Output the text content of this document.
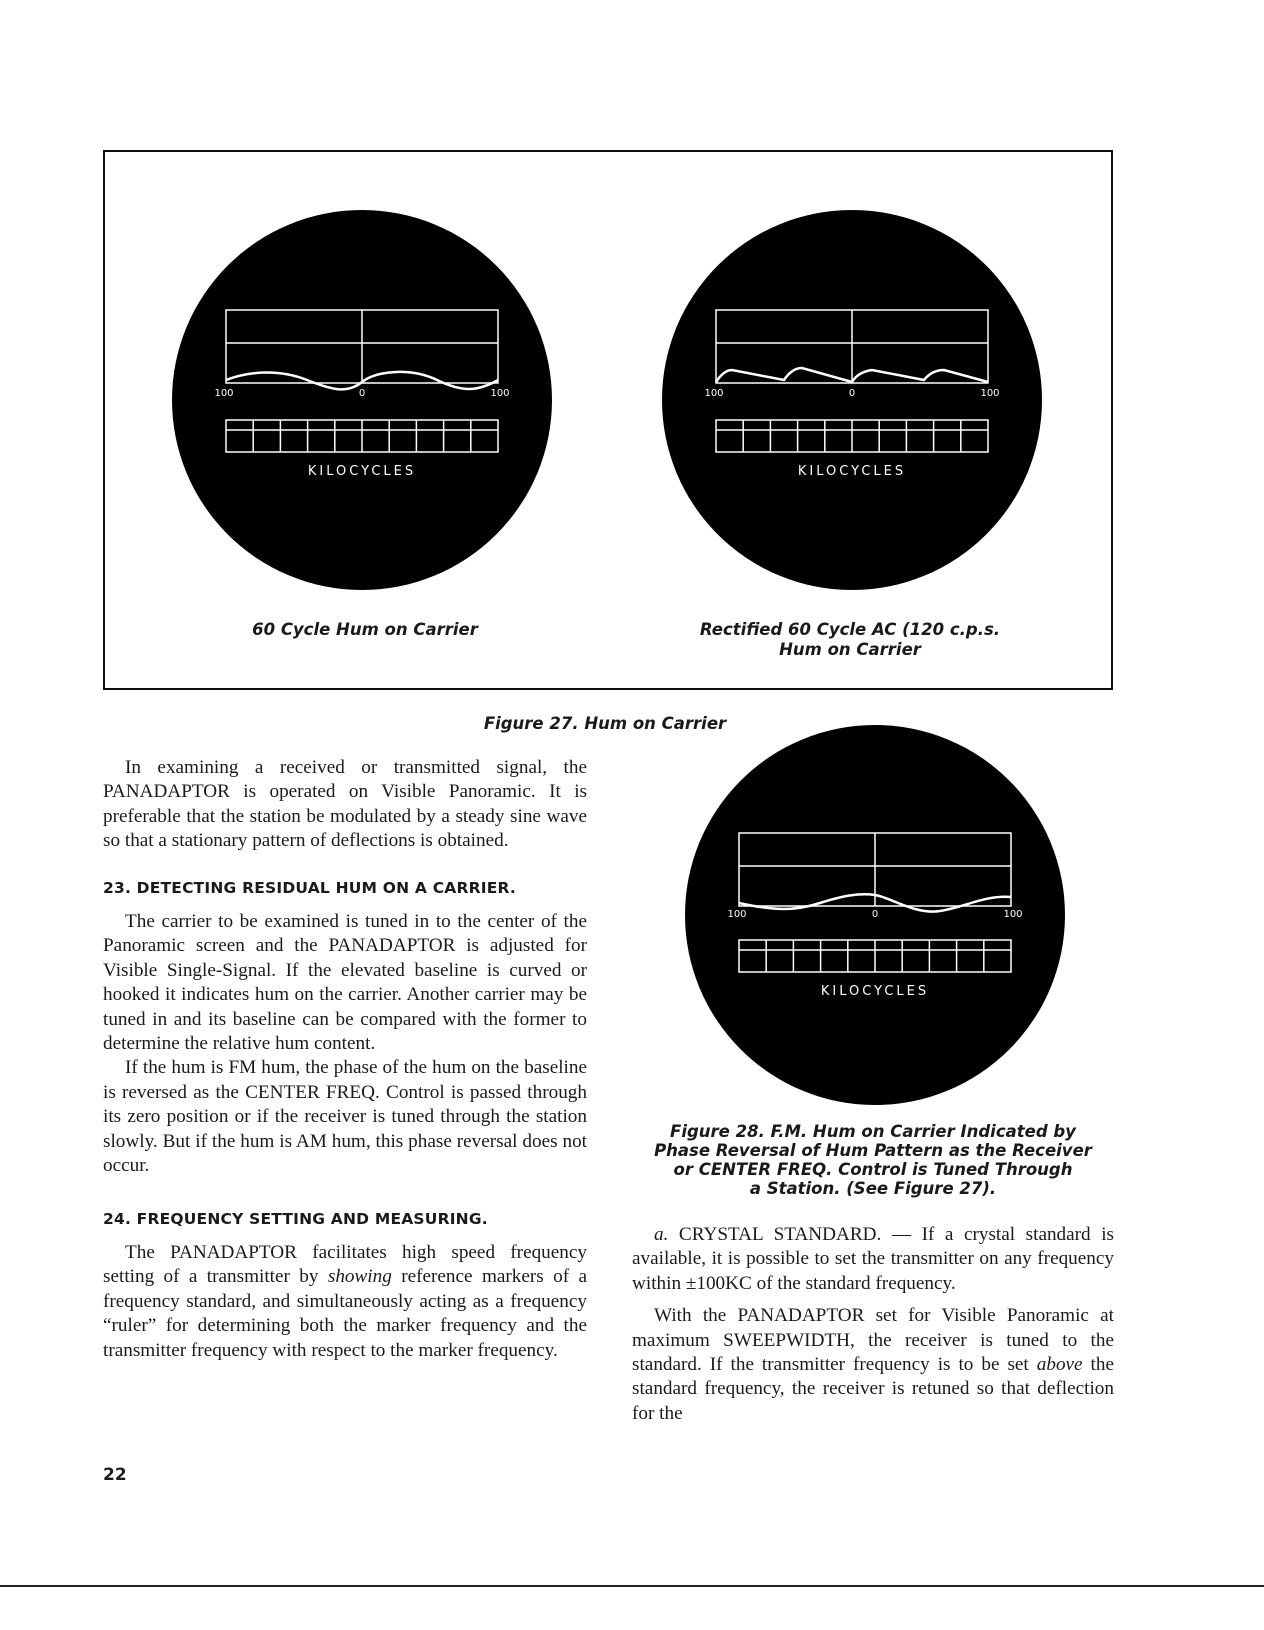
100	0	100
KILOCYCLES
100	0	100
KILOCYCLES
60 Cycle Hum on Carrier	Rectified 60 Cycle AC (120 c.p.s.
Hum on Carrier
Figure 27. Hum on Carrier
100	0	100
KILOCYCLES
Figure 28. F.M. Hum on Carrier Indicated by
Phase Reversal of Hum Pattern as the Receiver
or CENTER FREQ. Control is Tuned Through
a Station. (See Figure 27).

In examining a received or transmitted signal, the PANADAPTOR is operated on Visible Panoramic. It is preferable that the station be modulated by a steady sine wave so that a stationary pattern of deflections is obtained.

23. DETECTING RESIDUAL HUM ON A CARRIER.

The carrier to be examined is tuned in to the center of the Panoramic screen and the PANADAPTOR is adjusted for Visible Single-Signal. If the elevated baseline is curved or hooked it indicates hum on the carrier. Another carrier may be tuned in and its baseline can be compared with the former to determine the relative hum content.

If the hum is FM hum, the phase of the hum on the baseline is reversed as the CENTER FREQ. Control is passed through its zero position or if the receiver is tuned through the station slowly. But if the hum is AM hum, this phase reversal does not occur.

24. FREQUENCY SETTING AND MEASURING.

The PANADAPTOR facilitates high speed frequency setting of a transmitter by showing reference markers of a frequency standard, and simultaneously acting as a frequency “ruler” for determining both the marker frequency and the transmitter frequency with respect to the marker frequency.

a. CRYSTAL STANDARD. — If a crystal standard is available, it is possible to set the transmitter on any frequency within ±100KC of the standard frequency.

With the PANADAPTOR set for Visible Panoramic at maximum SWEEPWIDTH, the receiver is tuned to the standard. If the transmitter frequency is to be set above the standard frequency, the receiver is retuned so that deflection for the

22
